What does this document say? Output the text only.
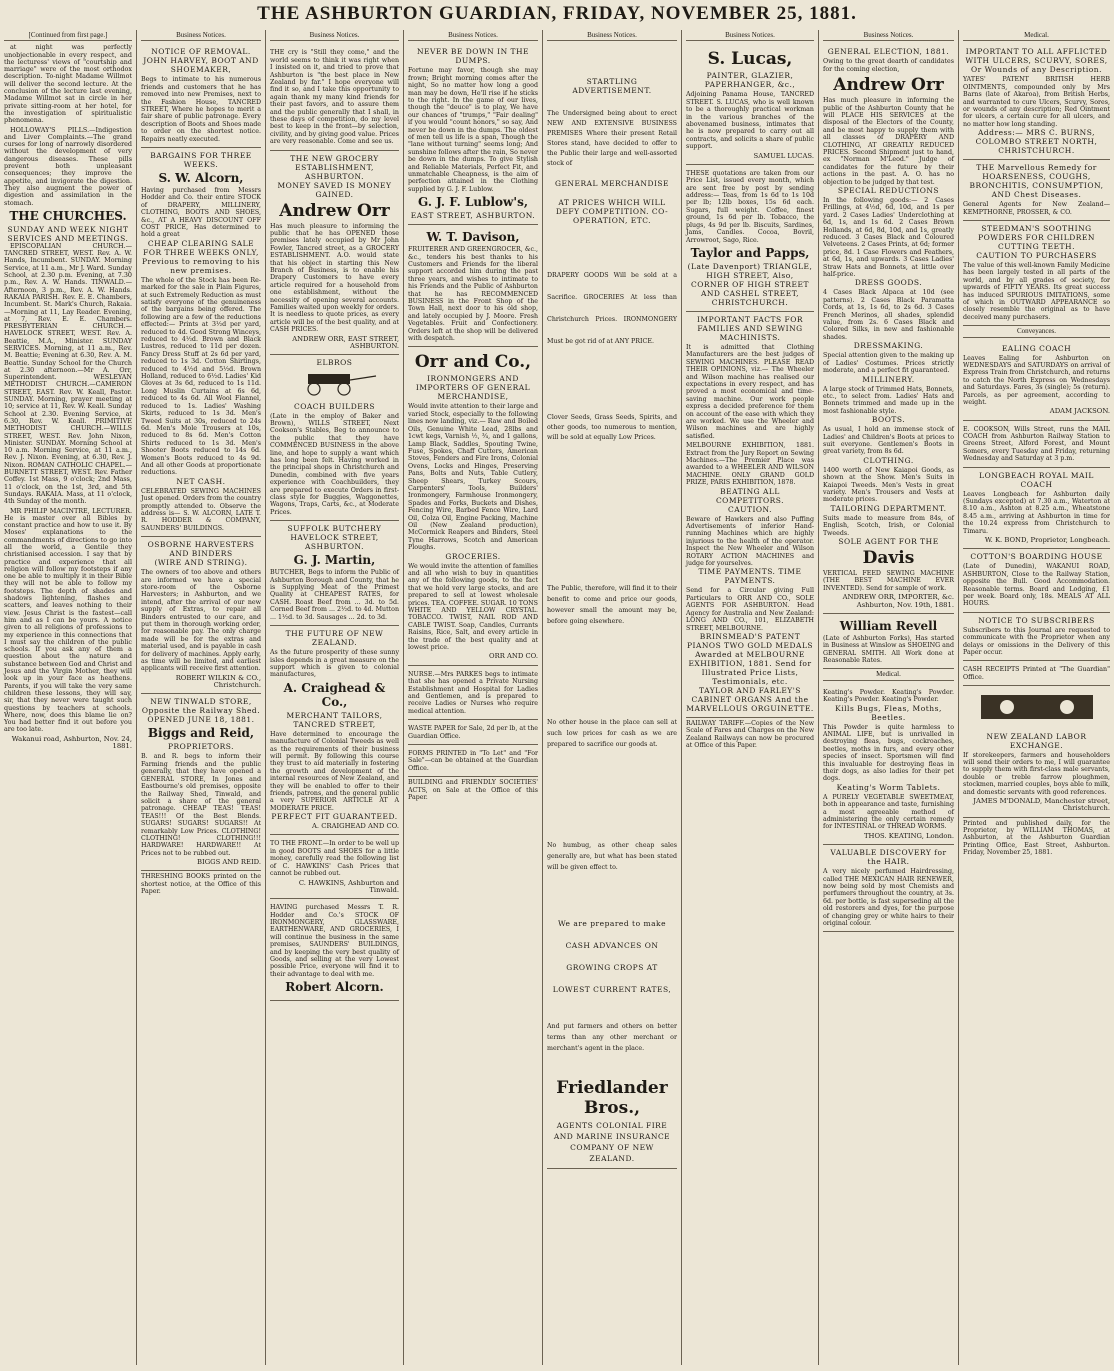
THE ASHBURTON GUARDIAN, FRIDAY, NOVEMBER 25, 1881.
[Continued from first page.]

at night was perfectly unobjectionable in every respect, and the lecturess' views of "courtship and marriage" were of the most orthodox description. To-night Madame Willmot will deliver the second lecture. At the conclusion of the lecture last evening, Madame Willmot sat in circle in her private sitting-room at her hotel, for the investigation of spiritualistic phenomena.

HOLLOWAY'S PILLS.—Indigestion and Liver Complaints.—The grand curses for long of narrowly disordered without the development of very dangerous diseases. These pills prevent both unpleasant consequences; they improve the appetite, and invigorate the digestion. They also augment the power of digestion and assimilation in the stomach.

THE CHURCHES.
SUNDAY AND WEEK NIGHT SERVICES AND MEETINGS.

EPISCOPALIAN CHURCH.—TANCRED STREET, WEST. Rev. A. W. Hands, Incumbent. SUNDAY. Morning Service, at 11 a.m., Mr J. Ward. Sunday School, at 2.30 p.m. Evening, at 7.30 p.m., Rev. A. W. Hands. TINWALD.—Afternoon, 3 p.m., Rev. A. W. Hands. RAKAIA PARISH. Rev. E. E. Chambers, Incumbent. St. Mark's Church, Rakaia.—Morning at 11, Lay Reader. Evening, at 7, Rev. E. E. Chambers. PRESBYTERIAN CHURCH.—HAVELOCK STREET, WEST. Rev. A. Beattie, M.A., Minister. SUNDAY SERVICES. Morning, at 11 a.m., Rev. M. Beattie; Evening at 6.30, Rev. A. M. Beattie. Sunday School for the Church at 2.30 afternoon.—Mr A. Orr, Superintendent. WESLEYAN METHODIST CHURCH.—CAMERON STREET, EAST. Rev. W. Keall, Pastor. SUNDAY. Morning, prayer meeting at 10; service at 11, Rev. W. Keall. Sunday School at 2.30. Evening Service, at 6.30, Rev. W. Keall. PRIMITIVE METHODIST CHURCH.—WILLS STREET, WEST. Rev. John Nixon, Minister. SUNDAY. Morning School at 10 a.m. Morning Service, at 11 a.m., Rev. J. Nixon. Evening, at 6.30, Rev. J. Nixon. ROMAN CATHOLIC CHAPEL.—BURNETT STREET, WEST. Rev. Father Coffey. 1st Mass, 9 o'clock; 2nd Mass, 11 o'clock, on the 1st, 3rd, and 5th Sundays. RAKAIA. Mass, at 11 o'clock, 4th Sunday of the month.

MR PHILIP MACINTRE, LECTURER. He is master over all Bibles by constant practice and how to use it. By Moses' explanations to the commandments of directions to go into all the world, a Gentile they christianised accession. I say that by practice and experience that all religion will follow my footsteps if any one be able to multiply it in their Bible they will not be able to follow my footsteps. The depth of shades and shadows lightening, flashes and scatters, and leaves nothing to their view. Jesus Christ is the fastest—call him and as I can be yours. A notice given to all religions of professions to my experience in this connections that I must say the children of the public schools. If you ask any of them a question about the nature and substance between God and Christ and Jesus and the Virgin Mother, they will look up in your face as heathens. Parents, if you will take the very same children these lessons, they will say, sir, that they never were taught such questions by teachers at schools. Where, now, does this blame lie on? You had better find it out before you are too late.

Wakanui road, Ashburton, Nov. 24, 1881.
Business Notices.
NOTICE OF REMOVAL.
JOHN HARVEY, BOOT AND SHOEMAKER,
Begs to intimate to his numerous friends and customers that he has removed into new Premises, next to the Fashion House, TANCRED STREET, Where he hopes to merit a fair share of public patronage. Every description of Boots and Shoes made to order on the shortest notice. Repairs neatly executed.
BARGAINS FOR THREE WEEKS.
S. W. Alcorn,
Having purchased from Messrs Hodder and Co. their entire STOCK of DRAPERY, MILLINERY, CLOTHING, BOOTS AND SHOES, &c., AT A HEAVY DISCOUNT OFF COST PRICE, Has determined to hold a great
CHEAP CLEARING SALE
FOR THREE WEEKS ONLY, Previous to removing to his new premises.
The whole of the Stock has been Re-marked for the sale in Plain Figures, at such Extremely Reduction as must satisfy everyone of the genuineness of the bargains being offered. The following are a few of the reductions effected:— Prints at 3½d per yard, reduced to 4d. Good Strong Winceys, reduced to 4½d. Brown and Black Lustres, reduced to 11d per dozen. Fancy Dress Stuff at 2s 6d per yard, reduced to 1s 3d. Cotton Shirtings, reduced to 4½d and 5½d. Brown Holland, reduced to 6½d. Ladies' Kid Gloves at 3s 6d, reduced to 1s 11d. Long Muslin Curtains at 6s 6d, reduced to 4s 6d. All Wool Flannel, reduced to 1s. Ladies' Washing Skirts, reduced to 1s 3d. Men's Tweed Suits at 30s, reduced to 24s 6d. Men's Mole Trousers at 10s, reduced to 8s 6d. Men's Cotton Shirts reduced to 1s 3d. Men's Shooter Boots reduced to 14s 6d. Women's Boots reduced to 4s 9d. And all other Goods at proportionate reductions.
NET CASH.
CELEBRATED SEWING MACHINES Just opened. Orders from the country promptly attended to. Observe the address is— S. W. ALCORN, LATE T. R. HODDER & COMPANY, SAUNDERS' BUILDINGS.
OSBORNE HARVESTERS AND BINDERS
(WIRE AND STRING).
The owners of too above and others are informed we have a special store-room of the Osborne Harvesters; in Ashburton, and we intend, after the arrival of our new supply of Extras, to repair all Binders entrusted to our care, and put them in thorough working order, for reasonable pay. The only charge made will be for the extras and material used, and is payable in cash for delivery of machines. Apply early, as time will be limited, and earliest applicants will receive first attention.
ROBERT WILKIN & CO., Christchurch.
NEW TINWALD STORE,
Opposite the Railway Shed. OPENED JUNE 18, 1881.
Biggs and Reid,
PROPRIETORS.
B. and R. begs to inform their Farming friends and the public generally, that they have opened a GENERAL STORE, In Jones and Eastbourne's old premises, opposite the Railway Shed, Tinwald, and solicit a share of the general patronage. CHEAP TEAS! TEAS! TEAS!!! Of the Best Blends. SUGARS! SUGARS! SUGARS!! At remarkably Low Prices. CLOTHING! CLOTHING! CLOTHING!!! HARDWARE! HARDWARE!! At Prices not to be rubbed out.
BIGGS AND REID.
THRESHING BOOKS printed on the shortest notice, at the Office of this Paper.
Business Notices.
THE cry is "Still they come," and the world seems to think it was right when I insisted on it, and tried to prove that Ashburton is "the best place in New Zealand by far." I hope everyone will find it so, and I take this opportunity to again thank my many kind friends for their past favors, and to assure them and the public generally that I shall, in these days of competition, do my level best to keep in the front—by selection, civility, and by giving good value. Prices are very reasonable. Come and see us.
THE NEW GROCERY ESTABLISHMENT, ASHBURTON.
MONEY SAVED IS MONEY GAINED.
Andrew Orr
Has much pleasure to informing the public that he has OPENED those premises lately occupied by Mr John Fowler, Tancred street, as a GROCERY ESTABLISHMENT. A.O. would state that his object in starting this New Branch of Business, is to enable his Drapery Customers to have every article required for a household from one establishment, without the necessity of opening several accounts. Families waited upon weekly for orders. It is needless to quote prices, as every article will be of the best quality, and at CASH PRICES.
ANDREW ORR, EAST STREET, ASHBURTON.
ELBROS
COACH BUILDERS
(Late in the employ of Baker and Brown), WILLS STREET, Next Cookson's Stables, Beg to announce to the public that they have COMMENCED BUSINESS in the above line, and hope to supply a want which has long been felt. Having worked in the principal shops in Christchurch and Dunedin, combined with five years experience with Coachbuilders, they are prepared to execute Orders in first-class style for Buggies, Waggonettes, Wagons, Traps, Carts, &c., at Moderate Prices.
SUFFOLK BUTCHERY
HAVELOCK STREET, ASHBURTON.
G. J. Martin,
BUTCHER, Begs to inform the Public of Ashburton Borough and County, that he is Supplying Meat of the Primest Quality at CHEAPEST RATES, for CASH. Roast Beef from ... 3d. to 5d. Corned Beef from ... 2½d. to 4d. Mutton ... 1½d. to 3d. Sausages ... 2d. to 3d.
THE FUTURE OF NEW ZEALAND.
As the future prosperity of these sunny isles depends in a great measure on the support which is given to colonial manufactures,
A. Craighead & Co.,
MERCHANT TAILORS, TANCRED STREET,
Have determined to encourage the manufacture of Colonial Tweeds as well as the requirements of their business will permit. By following this course they trust to aid materially in fostering the growth and development of the internal resources of New Zealand, and they will be enabled to offer to their friends, patrons, and the general public a very SUPERIOR ARTICLE AT A MODERATE PRICE.
PERFECT FIT GUARANTEED.
A. CRAIGHEAD AND CO.
TO THE FRONT.—In order to be well up in good BOOTS and SHOES for a little money, carefully read the following list of C. HAWKINS' Cash Prices that cannot be rubbed out.
C. HAWKINS, Ashburton and Tinwald.
HAVING purchased Messrs T. R. Hodder and Co.'s STOCK OF IRONMONGERY, GLASSWARE, EARTHENWARE, AND GROCERIES, I will continue the business in the same premises, SAUNDERS' BUILDINGS, and by keeping the very best quality of Goods, and selling at the very Lowest possible Price, everyone will find it to their advantage to deal with me.
Robert Alcorn.
Business Notices.
NEVER BE DOWN IN THE DUMPS.
Fortune may favor, though she may frown; Bright morning comes after the night, So no matter how long a good man may be down, He'll rise if he sticks to the right. In the game of our lives, though the "deuce" is to play, We have our chances of "trumps," "Fair dealing" if you would "count honors," so say, And never be down in the dumps. The oldest of men tell us life is a span, Though the "lane without turning" seems long; And sunshine follows after the rain, So never be down in the dumps. To give Stylish and Reliable Materials, Perfect Fit, and unmatchable Cheapness, is the aim of perfection attained in the Clothing supplied by G. J. F. Lublow.
G. J. F. Lublow's,
EAST STREET, ASHBURTON.
W. T. Davison,
FRUITERER AND GREENGROCER, &c., &c., tenders his best thanks to his Customers and Friends for the liberal support accorded him during the past three years, and wishes to intimate to his Friends and the Public of Ashburton that he has RECOMMENCED BUSINESS in the Front Shop of the Town Hall, next door to his old shop, and lately occupied by J. Moore. Fresh Vegetables. Fruit and Confectionery. Orders left at the shop will be delivered with despatch.
Orr and Co.,
IRONMONGERS AND IMPORTERS OF GENERAL MERCHANDISE,
Would invite attention to their large and varied Stock, especially to the following lines now landing, viz.— Raw and Boiled Oils, Genuine White Lead, 28lbs and 1cwt kegs, Varnish ½, ¾, and 1 gallons, Lamp Black, Saddles, Spouting Twine, Fuse, Spokes, Chaff Cutters, American Stoves, Fenders and Fire Irons, Colonial Ovens, Locks and Hinges, Preserving Pans, Bolts and Nuts, Table Cutlery, Sheep Shears, Turkey Scours, Carpenters' Tools, Builders' Ironmongery, Farmhouse Ironmongery, Spades and Forks, Buckets and Dishes, Fencing Wire, Barbed Fence Wire, Lard Oil, Colza Oil, Engine Packing, Machine Oil (New Zealand production), McCormick Reapers and Binders, Steel Tyne Harrows, Scotch and American Ploughs.
GROCERIES.
We would invite the attention of families and all who wish to buy in quantities any of the following goods, to the fact that we hold very large stocks, and are prepared to sell at lowest wholesale prices. TEA. COFFEE. SUGAR. 10 TONS WHITE AND YELLOW CRYSTAL. TOBACCO. TWIST, NAIL ROD AND CABLE TWIST. Soap, Candles, Currants Raisins, Rice, Salt, and every article in the trade of the best quality and at lowest price.
ORR AND CO.
NURSE.—Mrs PARKES begs to intimate that she has opened a Private Nursing Establishment and Hospital for Ladies and Gentlemen, and is prepared to receive Ladies or Nurses who require medical attention.
WASTE PAPER for Sale, 2d per lb, at the Guardian Office.
FORMS PRINTED in "To Let" and "For Sale"—can be obtained at the Guardian Office.
BUILDING and FRIENDLY SOCIETIES' ACTS, on Sale at the Office of this Paper.
Business Notices.
STARTLING ADVERTISEMENT.
The Undersigned being about to erect NEW AND EXTENSIVE BUSINESS PREMISES Where their present Retail Stores stand, have decided to offer to the Public their large and well-assorted stock of
GENERAL MERCHANDISE
AT PRICES WHICH WILL DEFY COMPETITION. CO-OPERATION, ETC.
DRAPERY GOODS Will be sold at a Sacrifice. GROCERIES At less than Christchurch Prices. IRONMONGERY Must be got rid of at ANY PRICE.
Clover Seeds, Grass Seeds, Spirits, and other goods, too numerous to mention, will be sold at equally Low Prices.
The Public, therefore, will find it to their benefit to come and price our goods, however small the amount may be, before going elsewhere.
No other house in the place can sell at such low prices for cash as we are prepared to sacrifice our goods at.
No humbug, as other cheap sales generally are, but what has been stated will be given effect to.
We are prepared to make CASH ADVANCES ON GROWING CROPS AT LOWEST CURRENT RATES,
And put farmers and others on better terms than any other merchant or merchant's agent in the place.
Friedlander Bros.,
AGENTS COLONIAL FIRE AND MARINE INSURANCE COMPANY OF NEW ZEALAND.
Business Notices.
S. Lucas,
PAINTER, GLAZIER, PAPERHANGER, &c.,
Adjoining Panama House, TANCRED STREET. S. LUCAS, who is well known to be a thoroughly practical workman in the various branches of the abovenamed business, intimates that he is now prepared to carry out all contracts, and solicits a share of public support.
SAMUEL LUCAS.
THESE quotations are taken from our Price List, issued every month, which are sent free by post by sending address:— Teas, from 1s 6d to 1s 10d per lb; 12lb boxes, 15s 6d each. Sugars, full weight. Coffee, finest ground, 1s 6d per lb. Tobacco, the plugs, 4s 9d per lb. Biscuits, Sardines, Jams, Candles. Cocoa, Bovril, Arrowroot, Sago, Rice.
Taylor and Papps,
(Late Davenport) TRIANGLE, HIGH STREET, Also, CORNER OF HIGH STREET AND CASHEL STREET, CHRISTCHURCH.
IMPORTANT FACTS FOR FAMILIES AND SEWING MACHINISTS.
It is admitted that Clothing Manufacturers are the best judges of SEWING MACHINES. PLEASE READ THEIR OPINIONS, viz.— The Wheeler and Wilson machine has realised our expectations in every respect, and has proved a most economical and time-saving machine. Our work people express a decided preference for them on account of the ease with which they are worked. We use the Wheeler and Wilson machines and are highly satisfied.
MELBOURNE EXHIBITION, 1881. Extract from the Jury Report on Sewing Machines.—The Premier Place was awarded to a WHEELER AND WILSON MACHINE. ONLY GRAND GOLD PRIZE, PARIS EXHIBITION, 1878.
BEATING ALL COMPETITORS.
CAUTION.
Beware of Hawkers and also Puffing Advertisements of inferior Hand-running Machines which are highly injurious to the health of the operator. Inspect the New Wheeler and Wilson ROTARY ACTION MACHINES and judge for yourselves.
TIME PAYMENTS. TIME PAYMENTS.
Send for a Circular giving Full Particulars to ORR AND CO., SOLE AGENTS FOR ASHBURTON. Head Agency for Australia and New Zealand: LONG AND CO., 101, ELIZABETH STREET, MELBOURNE.
BRINSMEAD'S PATENT PIANOS TWO GOLD MEDALS Awarded at MELBOURNE EXHIBITION, 1881. Send for Illustrated Price Lists, Testimonials, etc.
TAYLOR AND FARLEY'S CABINET ORGANS And the MARVELLOUS ORGUINETTE.
RAILWAY TARIFF.—Copies of the New Scale of Fares and Charges on the New Zealand Railways can now be procured at Office of this Paper.
Business Notices.
GENERAL ELECTION, 1881.
Owing to the great dearth of candidates for the coming election,
Andrew Orr
Has much pleasure in informing the public of the Ashburton County that he will PLACE HIS SERVICES at the disposal of the Electors of the County, and be most happy to supply them with all classes of DRAPERY AND CLOTHING, AT GREATLY REDUCED PRICES. Second Shipment just to hand, ex "Norman M'Leod." Judge of candidates for the future by their actions in the past. A. O. has no objection to be judged by that test.
SPECIAL REDUCTIONS
In the following goods:— 2 Cases Frillings, at 4½d, 6d, 10d, and 1s per yard. 2 Cases Ladies' Underclothing at 6d, 1s, and 1s 6d. 2 Cases Brown Hollands, at 6d, 8d, 10d, and 1s, greatly reduced. 3 Cases Black and Coloured Velveteens. 2 Cases Prints, at 6d; former price, 8d. 1 Case Flowers and Feathers, at 6d, 1s, and upwards. 3 Cases Ladies' Straw Hats and Bonnets, at little over half-price.
DRESS GOODS.
4 Cases Black Alpaca at 10d (see patterns). 2 Cases Black Paramatta Cords, at 1s, 1s 6d, to 2s 6d. 3 Cases French Merinos, all shades, splendid value, from 2s. 6 Cases Black and Colored Silks, in new and fashionable shades.
DRESSMAKING.
Special attention given to the making up of Ladies' Costumes. Prices strictly moderate, and a perfect fit guaranteed.
MILLINERY.
A large stock of Trimmed Hats, Bonnets, etc., to select from. Ladies' Hats and Bonnets trimmed and made up in the most fashionable style.
BOOTS.
As usual, I hold an immense stock of Ladies' and Children's Boots at prices to suit everyone. Gentlemen's Boots in great variety, from 8s 6d.
CLOTHING.
1400 worth of New Kaiapoi Goods, as shown at the Show. Men's Suits in Kaiapoi Tweeds. Men's Vests in great variety. Men's Trousers and Vests at moderate prices.
TAILORING DEPARTMENT.
Suits made to measure from 84s, of English, Scotch, Irish, or Colonial Tweeds.
SOLE AGENT FOR THE
Davis
VERTICAL FEED SEWING MACHINE (THE BEST MACHINE EVER INVENTED). Send for sample of work.
ANDREW ORR, IMPORTER, &c. Ashburton, Nov. 19th, 1881.
William Revell
(Late of Ashburton Forks), Has started in Business at Winslow as SHOEING and GENERAL SMITH. All Work done at Reasonable Rates.
Medical.
Keating's Powder. Keating's Powder. Keating's Powder. Keating's Powder.
Kills Bugs, Fleas, Moths, Beetles.
This Powder is quite harmless to ANIMAL LIFE, but is unrivalled in destroying fleas, bugs, cockroaches, beetles, moths in furs, and every other species of insect. Sportsmen will find this invaluable for destroying fleas in their dogs, as also ladies for their pet dogs.
Keating's Worm Tablets.
A PURELY VEGETABLE SWEETMEAT, both in appearance and taste, furnishing a most agreeable method of administering the only certain remedy for INTESTINAL or THREAD WORMS.
THOS. KEATING, London.
VALUABLE DISCOVERY for the HAIR.
A very nicely perfumed Hairdressing, called THE MEXICAN HAIR RENEWER, now being sold by most Chemists and perfumers throughout the country, at 3s. 6d. per bottle, is fast superseding all the old restorers and dyes, for the purpose of changing grey or white hairs to their original colour.
Medical.
IMPORTANT TO ALL AFFLICTED WITH ULCERS, SCURVY, SORES, Or Wounds of any Description.
YATES' PATENT BRITISH HERB OINTMENTS, compounded only by Mrs Barns (late of Akaroa), from British Herbs, and warranted to cure Ulcers, Scurvy, Sores, or wounds of any description; Red Ointment for ulcers, a certain cure for all ulcers, and no matter how long standing.
Address:— MRS C. BURNS, COLOMBO STREET NORTH, CHRISTCHURCH.
THE Marvellous Remedy for HOARSENESS, COUGHS, BRONCHITIS, CONSUMPTION, AND Chest Diseases.
General Agents for New Zealand— KEMPTHORNE, PROSSER, & CO.
STEEDMAN'S SOOTHING POWDERS FOR CHILDREN CUTTING TEETH.
CAUTION TO PURCHASERS
The value of this well-known Family Medicine has been largely tested in all parts of the world, and by all grades of society, for upwards of FIFTY YEARS. Its great success has induced SPURIOUS IMITATIONS, some of which in OUTWARD APPEARANCE so closely resemble the original as to have deceived many purchasers.
Conveyances.
EALING COACH
Leaves Ealing for Ashburton on WEDNESDAYS and SATURDAYS on arrival of Express Train from Christchurch, and returns to catch the North Express on Wednesdays and Saturdays. Fares, 3s (single); 5s (return). Parcels, as per agreement, according to weight.
ADAM JACKSON.
E. COOKSON, Wills Street, runs the MAIL COACH from Ashburton Railway Station to Greens Street, Alford Forest, and Mount Somers, every Tuesday and Friday, returning Wednesday and Saturday at 3 p.m.
LONGBEACH ROYAL MAIL COACH
Leaves Longbeach for Ashburton daily (Sundays excepted) at 7.30 a.m., Waterton at 8.10 a.m., Ashton at 8.25 a.m., Wheatstone 8.45 a.m., arriving at Ashburton in time for the 10.24 express from Christchurch to Timaru.
W. K. BOND, Proprietor, Longbeach.
COTTON'S BOARDING HOUSE
(Late of Dunedin), WAKANUI ROAD, ASHBURTON, Close to the Railway Station, opposite the Bull. Good Accommodation. Reasonable terms. Board and Lodging, £1 per week. Board only, 18s. MEALS AT ALL HOURS.
NOTICE TO SUBSCRIBERS
Subscribers to this Journal are requested to communicate with the Proprietor when any delays or omissions in the Delivery of this Paper occur.
CASH RECEIPTS Printed at "The Guardian" Office.
NEW ZEALAND LABOR EXCHANGE.
If storekeepers, farmers and householders will send their orders to me, I will guarantee to supply them with first-class male servants, double or treble farrow ploughmen, stockmen, married couples, boys able to milk, and domestic servants with good references.
JAMES M'DONALD, Manchester street, Christchurch.
Printed and published daily, for the Proprietor, by WILLIAM THOMAS, at Ashburton, at the Ashburton Guardian Printing Office, East Street, Ashburton. Friday, November 25, 1881.
